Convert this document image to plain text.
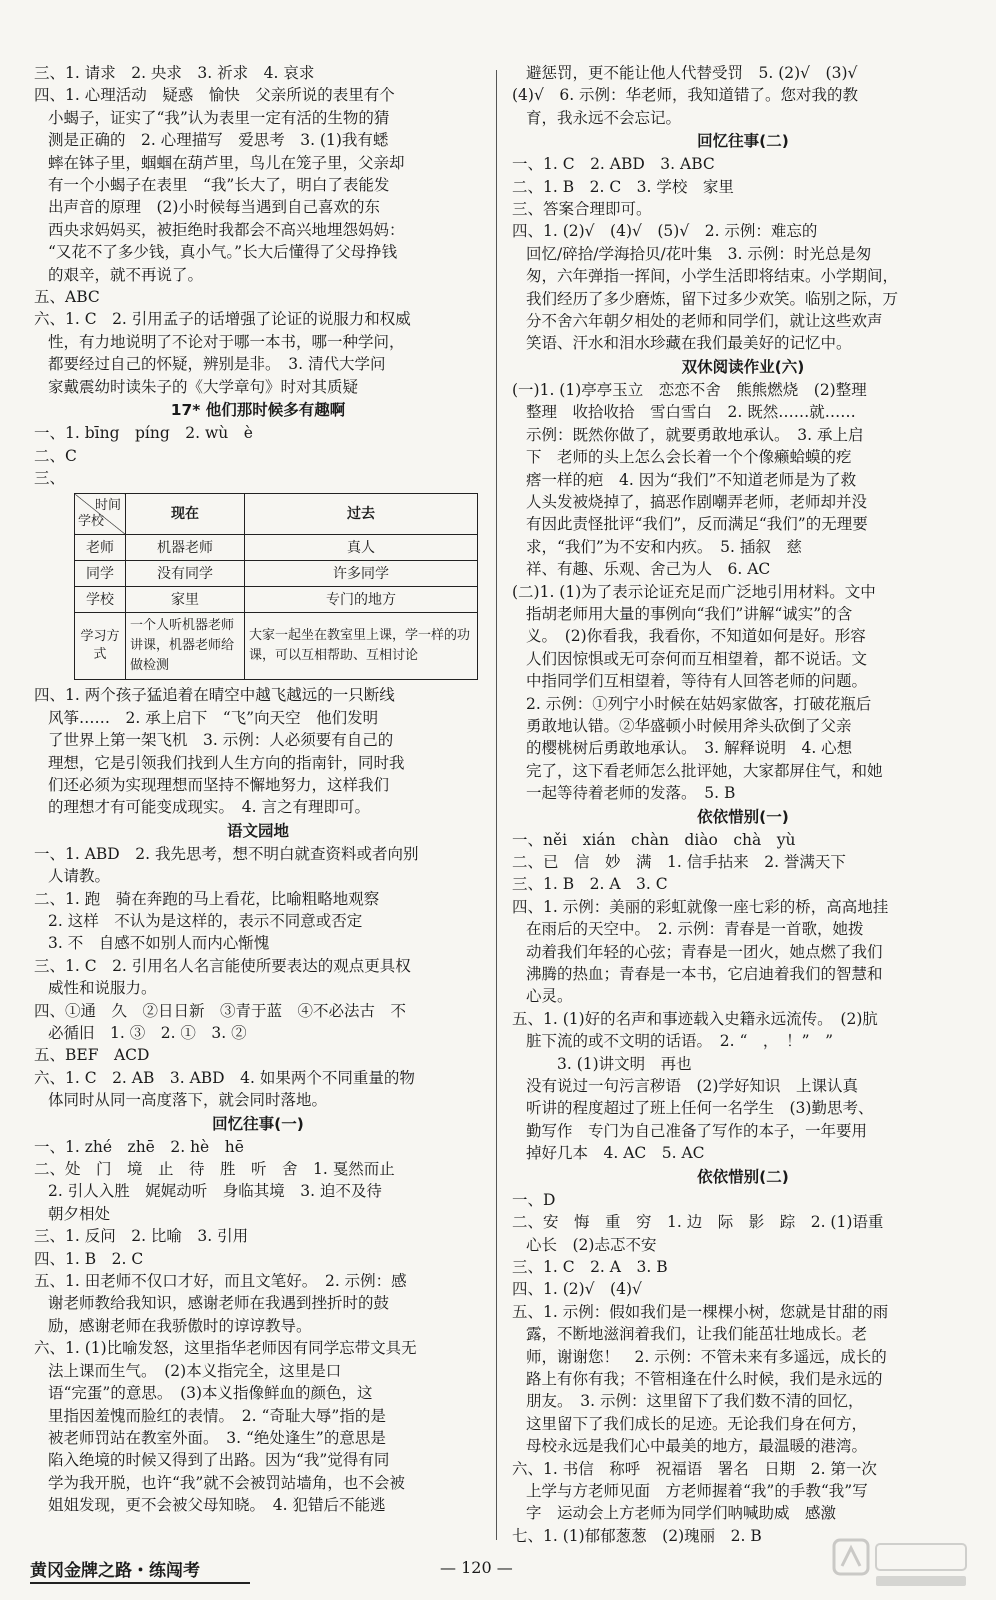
三、1. 请求　2. 央求　3. 祈求　4. 哀求
四、1. 心理活动　疑惑　愉快　父亲所说的表里有个
小蝎子，证实了“我”认为表里一定有活的生物的猜
测是正确的　2. 心理描写　爱思考　3. (1)我有蟋
蟀在钵子里，蝈蝈在葫芦里，鸟儿在笼子里，父亲却
有一个小蝎子在表里　“我”长大了，明白了表能发
出声音的原理　(2)小时候每当遇到自己喜欢的东
西央求妈妈买，被拒绝时我都会不高兴地埋怨妈妈：
“又花不了多少钱，真小气。”长大后懂得了父母挣钱
的艰辛，就不再说了。
五、ABC
六、1. C　2. 引用孟子的话增强了论证的说服力和权威
性，有力地说明了不论对于哪一本书，哪一种学问，
都要经过自己的怀疑，辨别是非。　3. 清代大学问
家戴震幼时读朱子的《大学章句》时对其质疑
17* 他们那时候多有趣啊
一、1. bīng　píng　2. wù　è
二、C
三、
时间
学校	现在	过去
老师	机器老师	真人
同学	没有同学	许多同学
学校	家里	专门的地方
学习方式	一个人听机器老师讲课，机器老师给做检测	大家一起坐在教室里上课，学一样的功课，可以互相帮助、互相讨论
四、1. 两个孩子猛追着在晴空中越飞越远的一只断线
风筝……　2. 承上启下　“飞”向天空　他们发明
了世界上第一架飞机　3. 示例：人必须要有自己的
理想，它是引领我们找到人生方向的指南针，同时我
们还必须为实现理想而坚持不懈地努力，这样我们
的理想才有可能变成现实。　4. 言之有理即可。
语文园地
一、1. ABD　2. 我先思考，想不明白就查资料或者向别
人请教。
二、1. 跑　骑在奔跑的马上看花，比喻粗略地观察
2. 这样　不认为是这样的，表示不同意或否定
3. 不　自感不如别人而内心惭愧
三、1. C　2. 引用名人名言能使所要表达的观点更具权
威性和说服力。
四、①通　久　②日日新　③青于蓝　④不必法古　不
必循旧　1. ③　2. ①　3. ②
五、BEF　ACD
六、1. C　2. AB　3. ABD　4. 如果两个不同重量的物
体同时从同一高度落下，就会同时落地。
回忆往事(一)
一、1. zhé　zhē　2. hè　hē
二、处　门　境　止　待　胜　听　舍　1. 戛然而止
2. 引人入胜　娓娓动听　身临其境　3. 迫不及待
朝夕相处
三、1. 反问　2. 比喻　3. 引用
四、1. B　2. C
五、1. 田老师不仅口才好，而且文笔好。　2. 示例：感
谢老师教给我知识，感谢老师在我遇到挫折时的鼓
励，感谢老师在我骄傲时的谆谆教导。
六、1. (1)比喻发怒，这里指华老师因有同学忘带文具无
法上课而生气。　(2)本义指完全，这里是口
语“完蛋”的意思。　(3)本义指像鲜血的颜色，这
里指因羞愧而脸红的表情。　2. “奇耻大辱”指的是
被老师罚站在教室外面。　3. “绝处逢生”的意思是
陷入绝境的时候又得到了出路。因为“我”觉得有同
学为我开脱，也许“我”就不会被罚站墙角，也不会被
姐姐发现，更不会被父母知晓。　4. 犯错后不能逃
避惩罚，更不能让他人代替受罚　5. (2)√　(3)√
(4)√　6. 示例：华老师，我知道错了。您对我的教
育，我永远不会忘记。
回忆往事(二)
一、1. C　2. ABD　3. ABC
二、1. B　2. C　3. 学校　家里
三、答案合理即可。
四、1. (2)√　(4)√　(5)√　2. 示例：难忘的
回忆/碎拾/学海拾贝/花叶集　3. 示例：时光总是匆
匆，六年弹指一挥间，小学生活即将结束。小学期间，
我们经历了多少磨炼，留下过多少欢笑。临别之际，万
分不舍六年朝夕相处的老师和同学们，就让这些欢声
笑语、汗水和泪水珍藏在我们最美好的记忆中。
双休阅读作业(六)
(一)1. (1)亭亭玉立　恋恋不舍　熊熊燃烧　(2)整理
整理　收拾收拾　雪白雪白　2. 既然……就……
示例：既然你做了，就要勇敢地承认。　3. 承上启
下　老师的头上怎么会长着一个个像癞蛤蟆的疙
瘩一样的疤　4. 因为“我们”不知道老师是为了救
人头发被烧掉了，搞恶作剧嘲弄老师，老师却并没
有因此责怪批评“我们”，反而满足“我们”的无理要
求，“我们”为不安和内疚。　5. 插叙　慈
祥、有趣、乐观、舍己为人　6. AC
(二)1. (1)为了表示论证充足而广泛地引用材料。文中
指胡老师用大量的事例向“我们”讲解“诚实”的含
义。　(2)你看我，我看你，不知道如何是好。形容
人们因惊惧或无可奈何而互相望着，都不说话。文
中指同学们互相望着，等待有人回答老师的问题。
2. 示例：①列宁小时候在姑妈家做客，打破花瓶后
勇敢地认错。②华盛顿小时候用斧头砍倒了父亲
的樱桃树后勇敢地承认。　3. 解释说明　4. 心想
完了，这下看老师怎么批评她，大家都屏住气，和她
一起等待着老师的发落。　5. B
依依惜别(一)
一、něi　xián　chàn　diào　chà　yù
二、已　信　妙　满　1. 信手拈来　2. 誉满天下
三、1. B　2. A　3. C
四、1. 示例：美丽的彩虹就像一座七彩的桥，高高地挂
在雨后的天空中。　2. 示例：青春是一首歌，她拨
动着我们年轻的心弦；青春是一团火，她点燃了我们
沸腾的热血；青春是一本书，它启迪着我们的智慧和
心灵。
五、1. (1)好的名声和事迹载入史籍永远流传。　(2)肮
脏下流的或不文明的话语。　2. “　，　！”　”
　　3. (1)讲文明　再也
没有说过一句污言秽语　(2)学好知识　上课认真
听讲的程度超过了班上任何一名学生　(3)勤思考、
勤写作　专门为自己准备了写作的本子，一年要用
掉好几本　4. AC　5. AC
依依惜别(二)
一、D
二、安　悔　重　穷　1. 边　际　影　踪　2. (1)语重
心长　(2)忐忑不安
三、1. C　2. A　3. B
四、1. (2)√　(4)√
五、1. 示例：假如我们是一棵棵小树，您就是甘甜的雨
露，不断地滋润着我们，让我们能茁壮地成长。老
师，谢谢您！　2. 示例：不管未来有多遥远，成长的
路上有你有我；不管相逢在什么时候，我们是永远的
朋友。　3. 示例：这里留下了我们数不清的回忆，
这里留下了我们成长的足迹。无论我们身在何方，
母校永远是我们心中最美的地方，最温暖的港湾。
六、1. 书信　称呼　祝福语　署名　日期　2. 第一次
上学与方老师见面　方老师握着“我”的手教“我”写
字　运动会上方老师为同学们呐喊助威　感激
七、1. (1)郁郁葱葱　(2)瑰丽　2. B
黄冈金牌之路・练闯考	— 120 —
